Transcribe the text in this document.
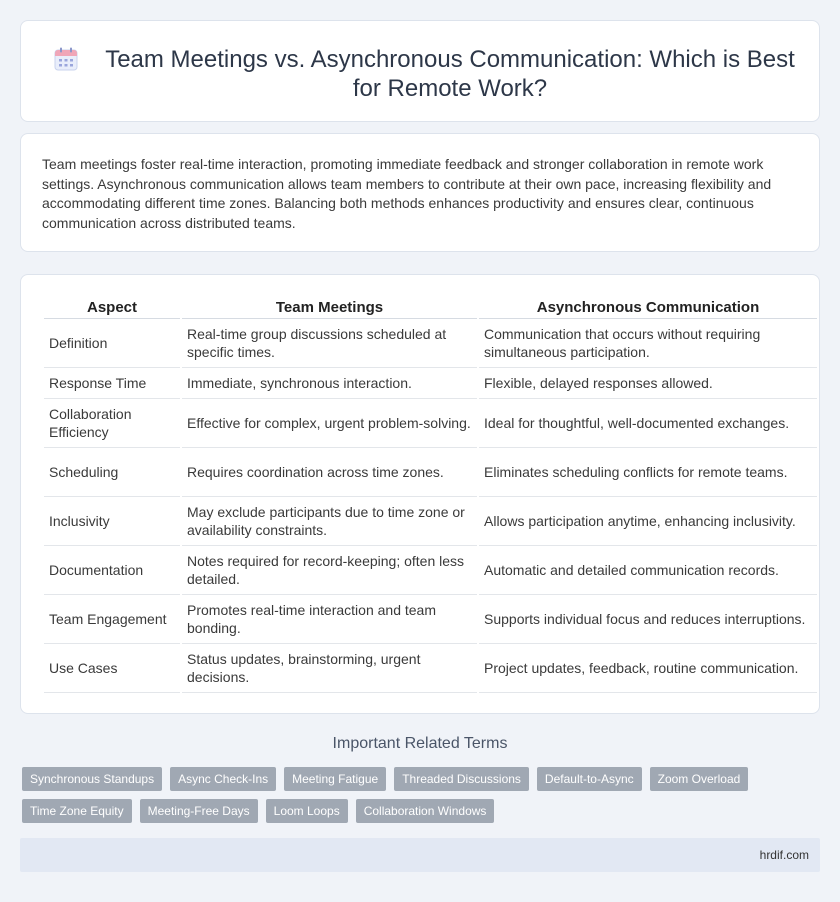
Team Meetings vs. Asynchronous Communication: Which is Best for Remote Work?

Team meetings foster real-time interaction, promoting immediate feedback and stronger collaboration in remote work settings. Asynchronous communication allows team members to contribute at their own pace, increasing flexibility and accommodating different time zones. Balancing both methods enhances productivity and ensures clear, continuous communication across distributed teams.

Aspect	Team Meetings	Asynchronous Communication
Definition	Real-time group discussions scheduled at specific times.	Communication that occurs without requiring simultaneous participation.
Response Time	Immediate, synchronous interaction.	Flexible, delayed responses allowed.
Collaboration Efficiency	Effective for complex, urgent problem-solving.	Ideal for thoughtful, well-documented exchanges.
Scheduling	Requires coordination across time zones.	Eliminates scheduling conflicts for remote teams.
Inclusivity	May exclude participants due to time zone or availability constraints.	Allows participation anytime, enhancing inclusivity.
Documentation	Notes required for record-keeping; often less detailed.	Automatic and detailed communication records.
Team Engagement	Promotes real-time interaction and team bonding.	Supports individual focus and reduces interruptions.
Use Cases	Status updates, brainstorming, urgent decisions.	Project updates, feedback, routine communication.
Important Related Terms
Synchronous Standups	Async Check-Ins	Meeting Fatigue	Threaded Discussions	Default-to-Async	Zoom Overload
Time Zone Equity	Meeting-Free Days	Loom Loops	Collaboration Windows
hrdif.com
